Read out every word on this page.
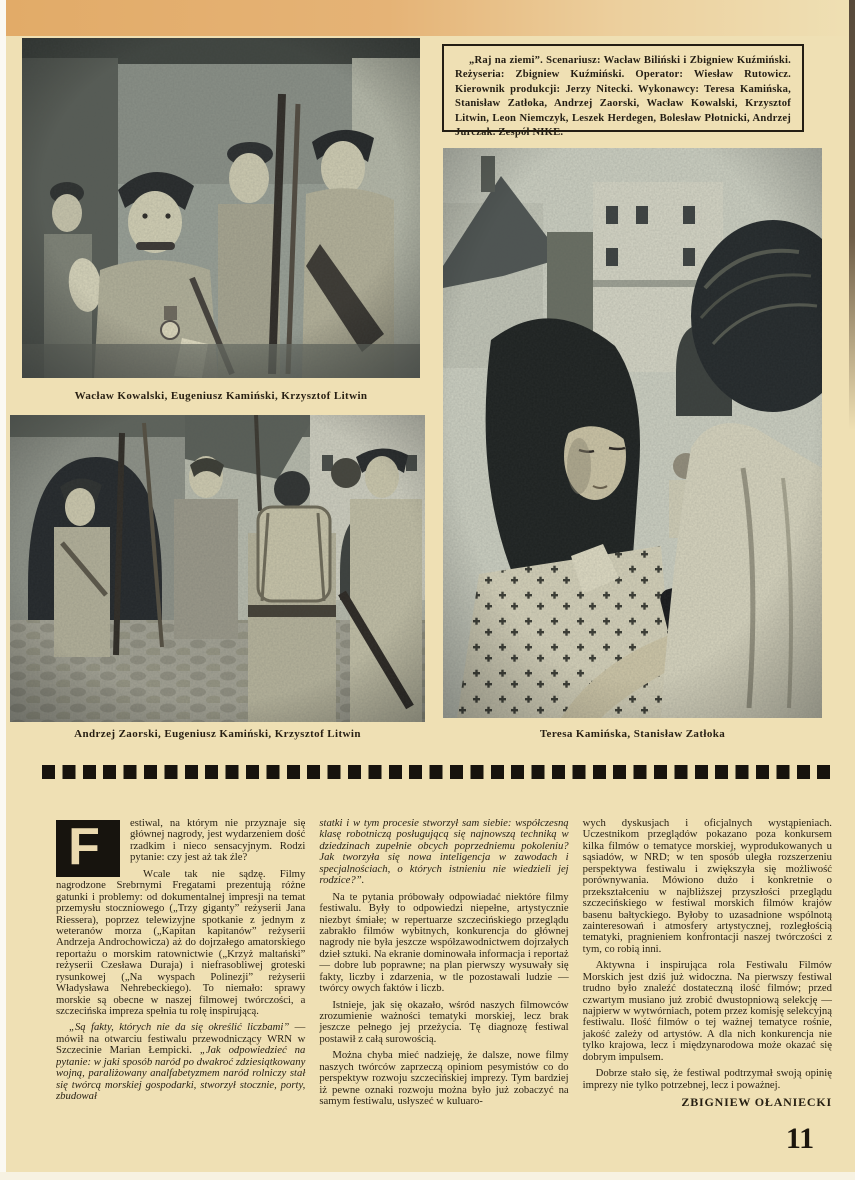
„Raj na ziemi”. Scenariusz: Wacław Biliński i Zbigniew Kuźmiński. Reżyseria: Zbigniew Kuźmiński. Operator: Wiesław Rutowicz. Kierownik produkcji: Jerzy Nitecki. Wykonawcy: Teresa Kamińska, Stanisław Zatłoka, Andrzej Zaorski, Wacław Kowalski, Krzysztof Litwin, Leon Niemczyk, Leszek Herdegen, Bolesław Płotnicki, Andrzej Jurczak. Zespół NIKE.
Wacław Kowalski, Eugeniusz Kamiński, Krzysztof Litwin
Andrzej Zaorski, Eugeniusz Kamiński, Krzysztof Litwin	Teresa Kamińska, Stanisław Zatłoka

F	estiwal, na którym nie przyznaje się głównej nagrody, jest wydarzeniem dość rzadkim i nieco sensacyjnym. Rodzi pytanie: czy jest aż tak źle?

Wcale tak nie sądzę. Filmy nagrodzone Srebrnymi Fregatami prezentują różne gatunki i problemy: od dokumentalnej impresji na temat przemysłu stoczniowego („Trzy giganty” reżyserii Jana Riessera), poprzez telewizyjne spotkanie z jednym z weteranów morza („Kapitan kapitanów” reżyserii Andrzeja Androchowicza) aż do dojrzałego amatorskiego reportażu o morskim ratownictwie („Krzyż maltański” reżyserii Czesława Duraja) i niefrasobliwej groteski rysunkowej („Na wyspach Polinezji” reżyserii Władysława Nehrebeckiego). To niemało: sprawy morskie są obecne w naszej filmowej twórczości, a szczecińska impreza spełnia tu rolę inspirującą.

„Są fakty, których nie da się określić liczbami” — mówił na otwarciu festiwalu przewodniczący WRN w Szczecinie Marian Łempicki. „Jak odpowiedzieć na pytanie: w jaki sposób naród po dwakroć zdziesiątkowany wojną, paraliżowany analfabetyzmem naród rolniczy stał się twórcą morskiej gospodarki, stworzył stocznie, porty, zbudował

statki i w tym procesie stworzył sam siebie: współczesną klasę robotniczą posługującą się najnowszą techniką w dziedzinach zupełnie obcych poprzedniemu pokoleniu? Jak tworzyła się nowa inteligencja w zawodach i specjalnościach, o których istnieniu nie wiedzieli jej rodzice?”.

Na te pytania próbowały odpowiadać niektóre filmy festiwalu. Były to odpowiedzi niepełne, artystycznie niezbyt śmiałe; w repertuarze szczecińskiego przeglądu zabrakło filmów wybitnych, konkurencja do głównej nagrody nie była jeszcze współzawodnictwem dojrzałych dzieł sztuki. Na ekranie dominowała informacja i reportaż — dobre lub poprawne; na plan pierwszy wysuwały się fakty, liczby i zdarzenia, w tle pozostawali ludzie — twórcy owych faktów i liczb.

Istnieje, jak się okazało, wśród naszych filmowców zrozumienie ważności tematyki morskiej, lecz brak jeszcze pełnego jej przeżycia. Tę diagnozę festiwal postawił z całą surowością.

Można chyba mieć nadzieję, że dalsze, nowe filmy naszych twórców zaprzeczą opiniom pesymistów co do perspektyw rozwoju szczecińskiej imprezy. Tym bardziej iż pewne oznaki rozwoju można było już zobaczyć na samym festiwalu, usłyszeć w kuluaro-

wych dyskusjach i oficjalnych wystąpieniach. Uczestnikom przeglądów pokazano poza konkursem kilka filmów o tematyce morskiej, wyprodukowanych u sąsiadów, w NRD; w ten sposób uległa rozszerzeniu perspektywa festiwalu i zwiększyła się możliwość porównywania. Mówiono dużo i konkretnie o przekształceniu w najbliższej przyszłości przeglądu szczecińskiego w festiwal morskich filmów krajów basenu bałtyckiego. Byłoby to uzasadnione wspólnotą zainteresowań i atmosfery artystycznej, rozległością tematyki, pragnieniem konfrontacji naszej twórczości z tym, co robią inni.

Aktywna i inspirująca rola Festiwalu Filmów Morskich jest dziś już widoczna. Na pierwszy festiwal trudno było znaleźć dostateczną ilość filmów; przed czwartym musiano już zrobić dwustopniową selekcję — najpierw w wytwórniach, potem przez komisję selekcyjną festiwalu. Ilość filmów o tej ważnej tematyce rośnie, jakość zależy od artystów. A dla nich konkurencja nie tylko krajowa, lecz i międzynarodowa może okazać się dobrym impulsem.

Dobrze stało się, że festiwal podtrzymał swoją opinię imprezy nie tylko potrzebnej, lecz i poważnej.

ZBIGNIEW OŁANIECKI

11
